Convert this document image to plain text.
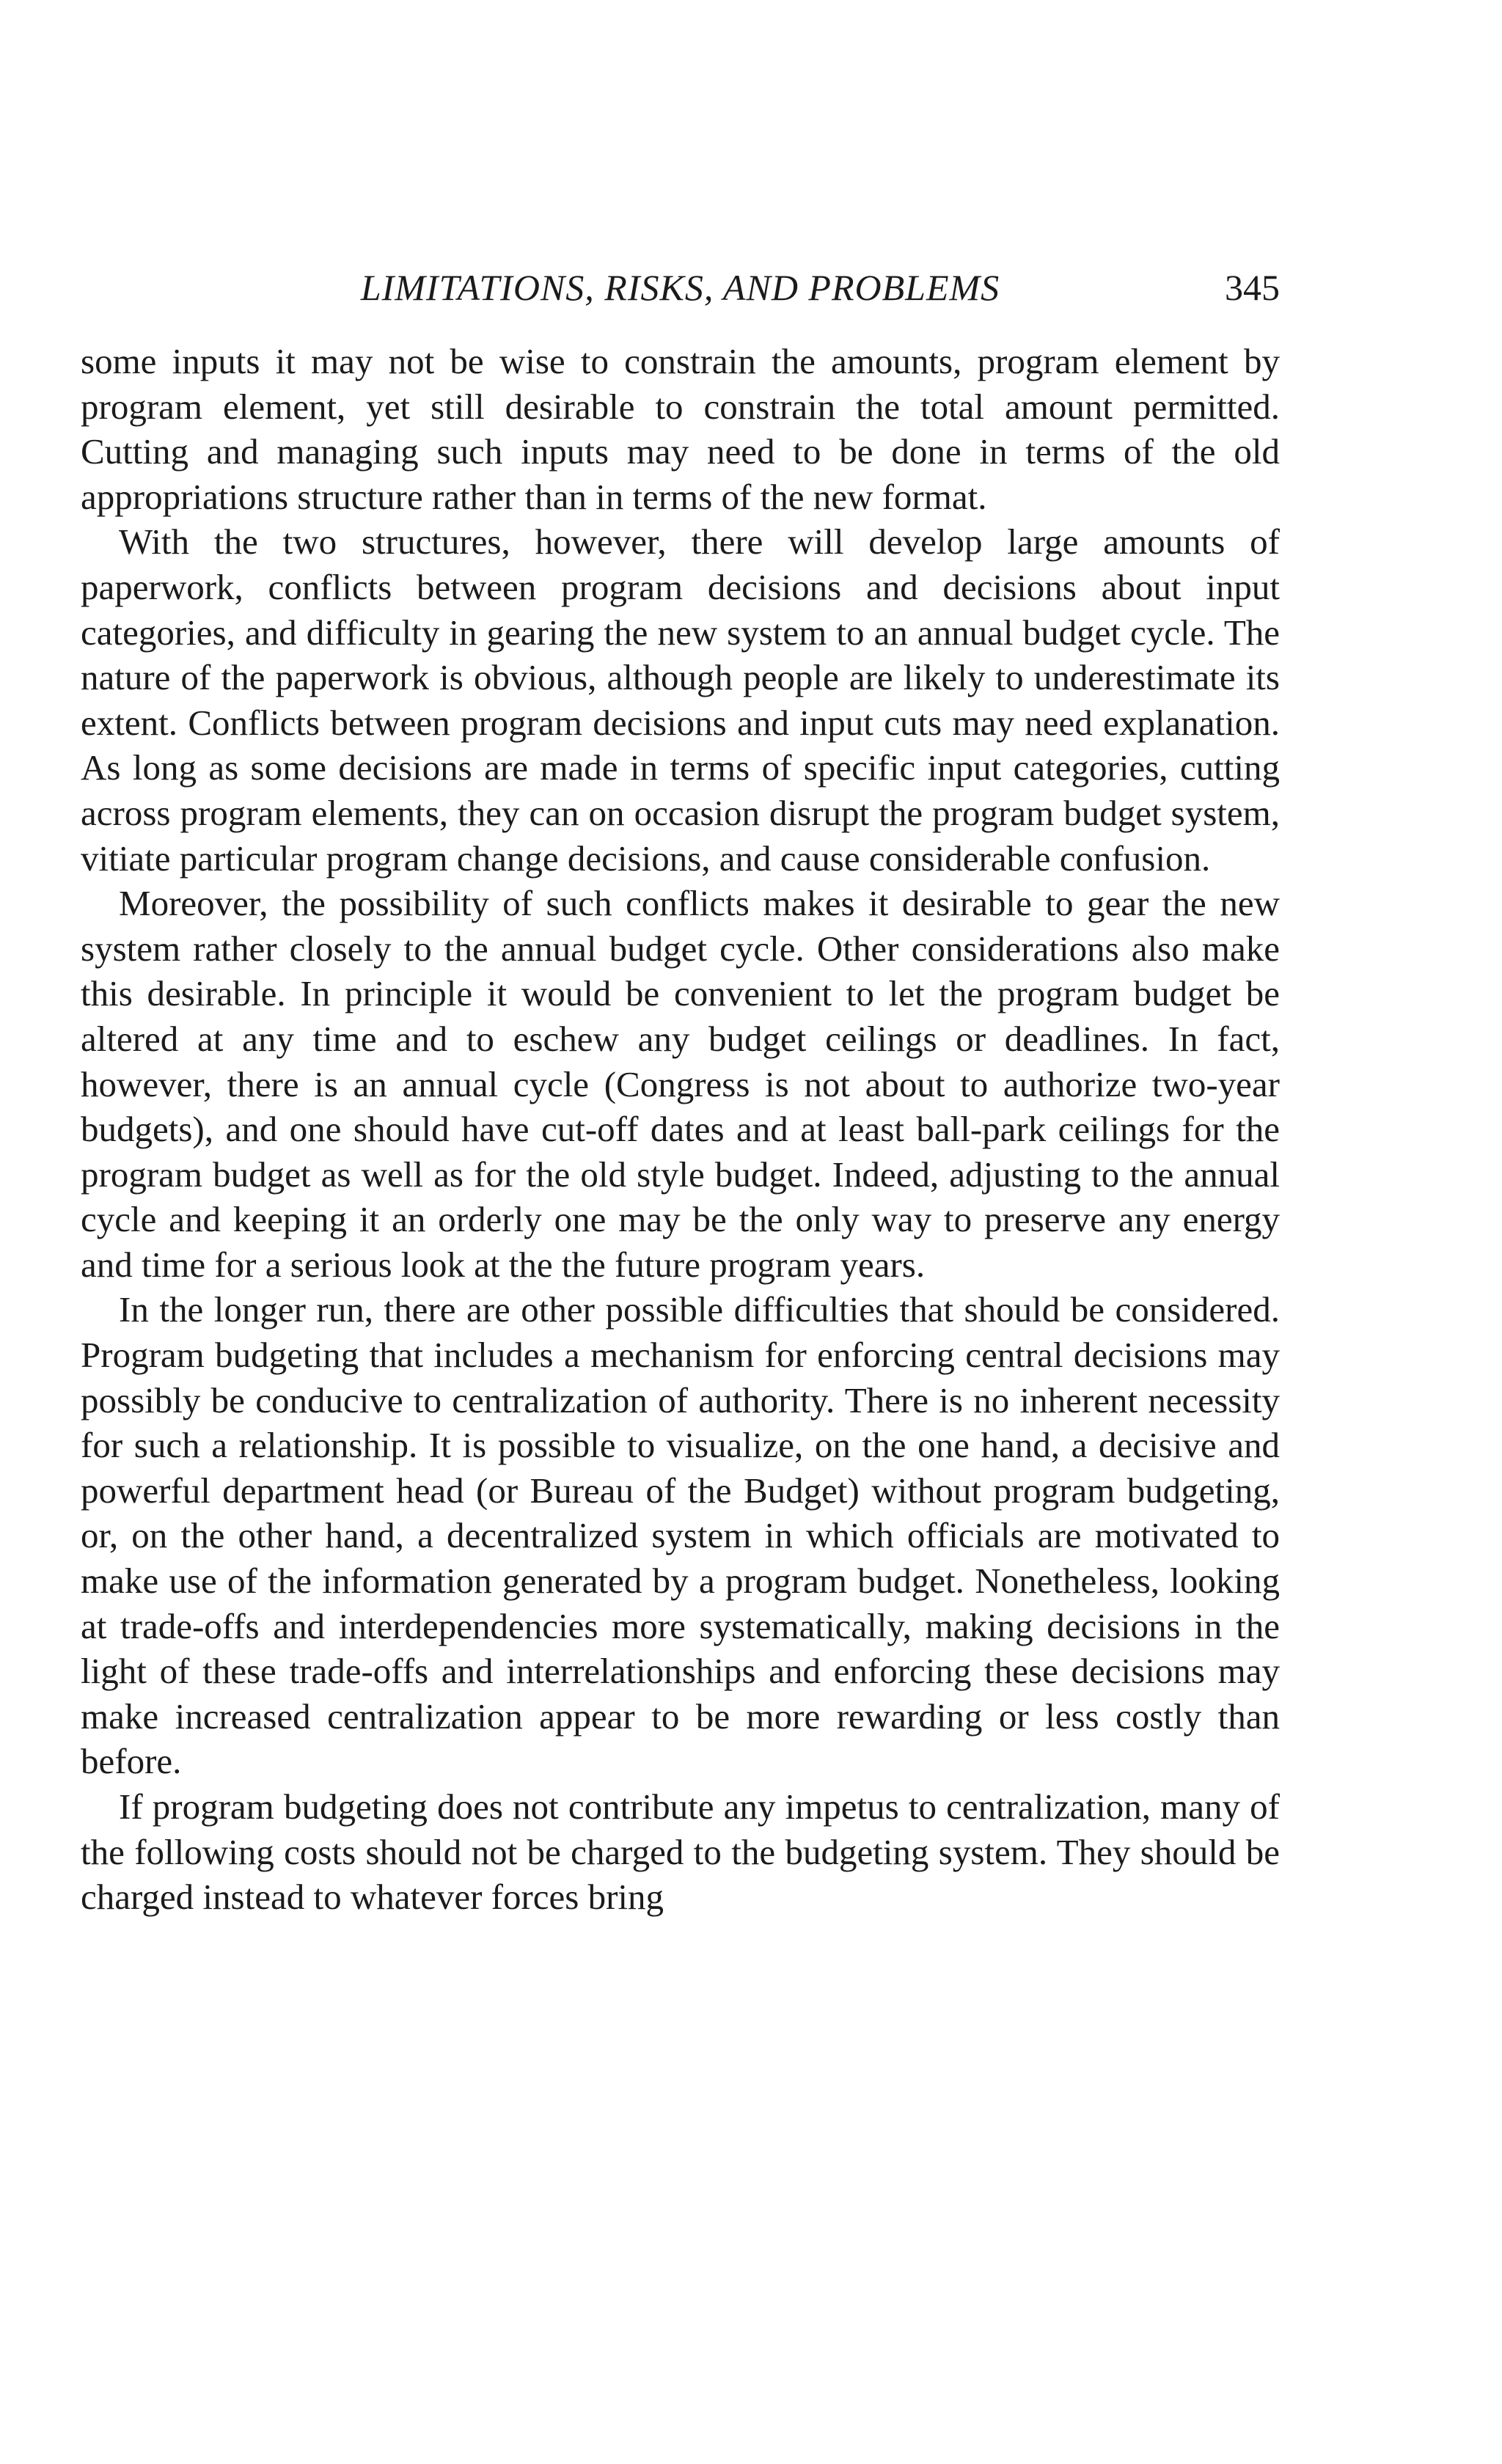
LIMITATIONS, RISKS, AND PROBLEMS	345

some inputs it may not be wise to constrain the amounts, program element by program element, yet still desirable to constrain the total amount permitted. Cutting and managing such inputs may need to be done in terms of the old appropriations structure rather than in terms of the new format.

With the two structures, however, there will develop large amounts of paperwork, conflicts between program decisions and decisions about input categories, and difficulty in gearing the new system to an annual budget cycle. The nature of the paperwork is obvious, although people are likely to underestimate its extent. Conflicts between program decisions and input cuts may need explanation. As long as some decisions are made in terms of specific input categories, cutting across program elements, they can on occasion disrupt the program budget system, vitiate particular program change decisions, and cause considerable confusion.

Moreover, the possibility of such conflicts makes it desirable to gear the new system rather closely to the annual budget cycle. Other considerations also make this desirable. In principle it would be convenient to let the program budget be altered at any time and to eschew any budget ceilings or deadlines. In fact, however, there is an annual cycle (Congress is not about to authorize two-year budgets), and one should have cut-off dates and at least ball-park ceilings for the program budget as well as for the old style budget. Indeed, adjusting to the annual cycle and keeping it an orderly one may be the only way to preserve any energy and time for a serious look at the the future program years.

In the longer run, there are other possible difficulties that should be considered. Program budgeting that includes a mechanism for enforcing central decisions may possibly be conducive to centralization of authority. There is no inherent necessity for such a relationship. It is possible to visualize, on the one hand, a decisive and powerful department head (or Bureau of the Budget) without program budgeting, or, on the other hand, a decentralized system in which officials are motivated to make use of the information generated by a program budget. Nonetheless, looking at trade-offs and interdependencies more systematically, making decisions in the light of these trade-offs and interrelationships and enforcing these decisions may make increased centralization appear to be more rewarding or less costly than before.

If program budgeting does not contribute any impetus to centralization, many of the following costs should not be charged to the budgeting system. They should be charged instead to whatever forces bring
